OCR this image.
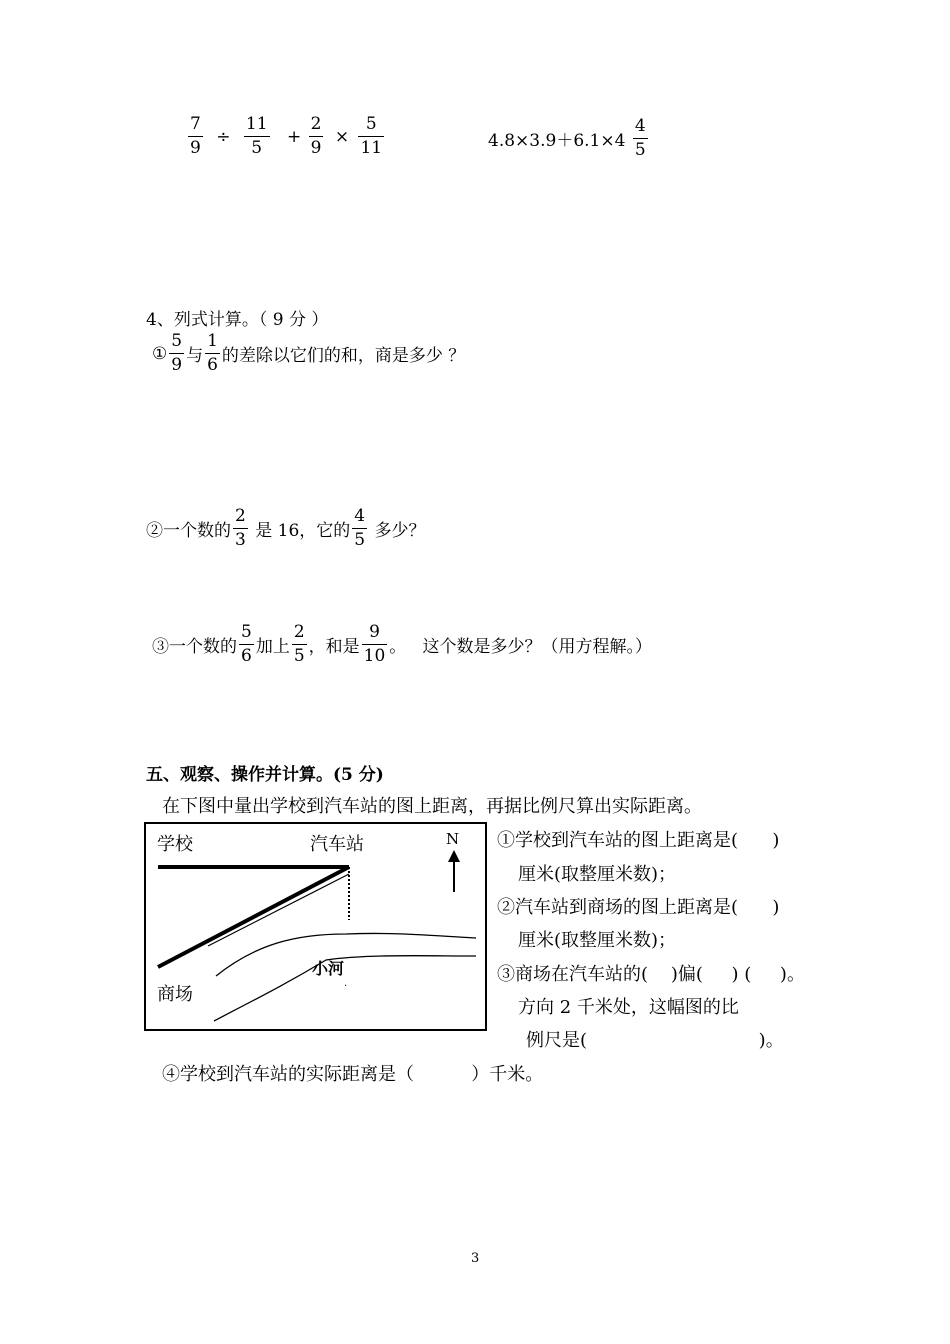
$\frac{7}{9} \div \frac{11}{5} + \frac{2}{9} \times \frac{5}{11}$	$4.8\times 3.9+6.1\times 4 \frac{4}{5}$
4、列式计算。（ 9 分 ）
① $\frac{5}{9}$ 与 $\frac{1}{6}$ 的差除以它们的和，商是多少 ？
②一个数的 $\frac{2}{3}$ 是 16，它的 $\frac{4}{5}$ 多少？
③一个数的 $\frac{5}{6}$ 加上 $\frac{2}{5}$ ，和是 $\frac{9}{10}$ 。   这个数是多少？（用方程解。）
五、观察、操作并计算。(5 分)
在下图中量出学校到汽车站的图上距离，再据比例尺算出实际距离。
学校	汽车站	N
小河
商场
.
①学校到汽车站的图上距离是(      )
厘米(取整厘米数)；
②汽车站到商场的图上距离是(      )
厘米(取整厘米数)；
③商场在汽车站的(    )偏(     ) (     )。
方向 2 千米处，这幅图的比
例尺是(                              )。
④学校到汽车站的实际距离是（          ）千米。
3
